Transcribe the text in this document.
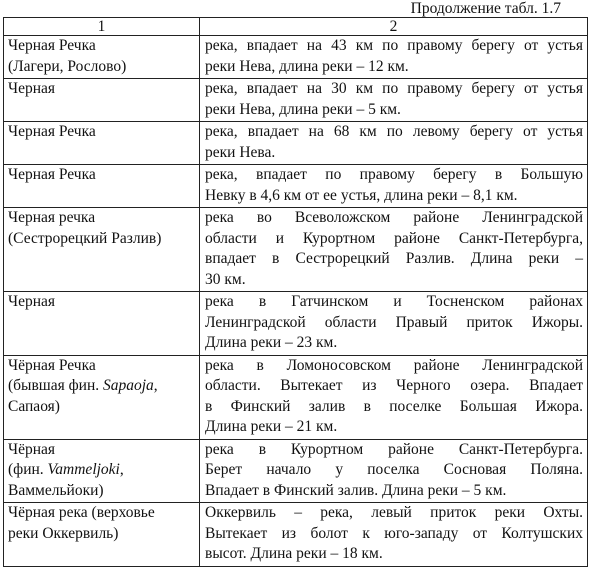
Продолжение табл. 1.7
1	2

Черная Речка
(Лагери, Рослово)	река, впадает на 43 км по правому берегу от устья
реки Нева, длина реки – 12 км.

Черная	река, впадает на 30 км по правому берегу от устья
реки Нева, длина реки – 5 км.

Черная Речка	река, впадает на 68 км по левому берегу от устья
реки Нева.

Черная Речка	река, впадает по правому берегу в Большую
Невку в 4,6 км от ее устья, длина реки – 8,1 км.

Черная речка
(Сестрорецкий Разлив)	река во Всеволожском районе Ленинградской
области и Курортном районе Санкт-Петербурга,
впадает в Сестрорецкий Разлив. Длина реки –
30 км.

Черная	река в Гатчинском и Тосненском районах
Ленинградской области Правый приток Ижоры.
Длина реки – 23 км.

Чёрная Речка
(бывшая фин. Sapaoja,
Сапаоя)	река в Ломоносовском районе Ленинградской
области. Вытекает из Черного озера. Впадает
в Финский залив в поселке Большая Ижора.
Длина реки – 21 км.

Чёрная
(фин. Vammeljoki,
Ваммельйоки)	река в Курортном районе Санкт-Петербурга.
Берет начало у поселка Сосновая Поляна.
Впадает в Финский залив. Длина реки – 5 км.

Чёрная река (верховье
реки Оккервиль)	Оккервиль – река, левый приток реки Охты.
Вытекает из болот к юго-западу от Колтушских
высот. Длина реки – 18 км.
